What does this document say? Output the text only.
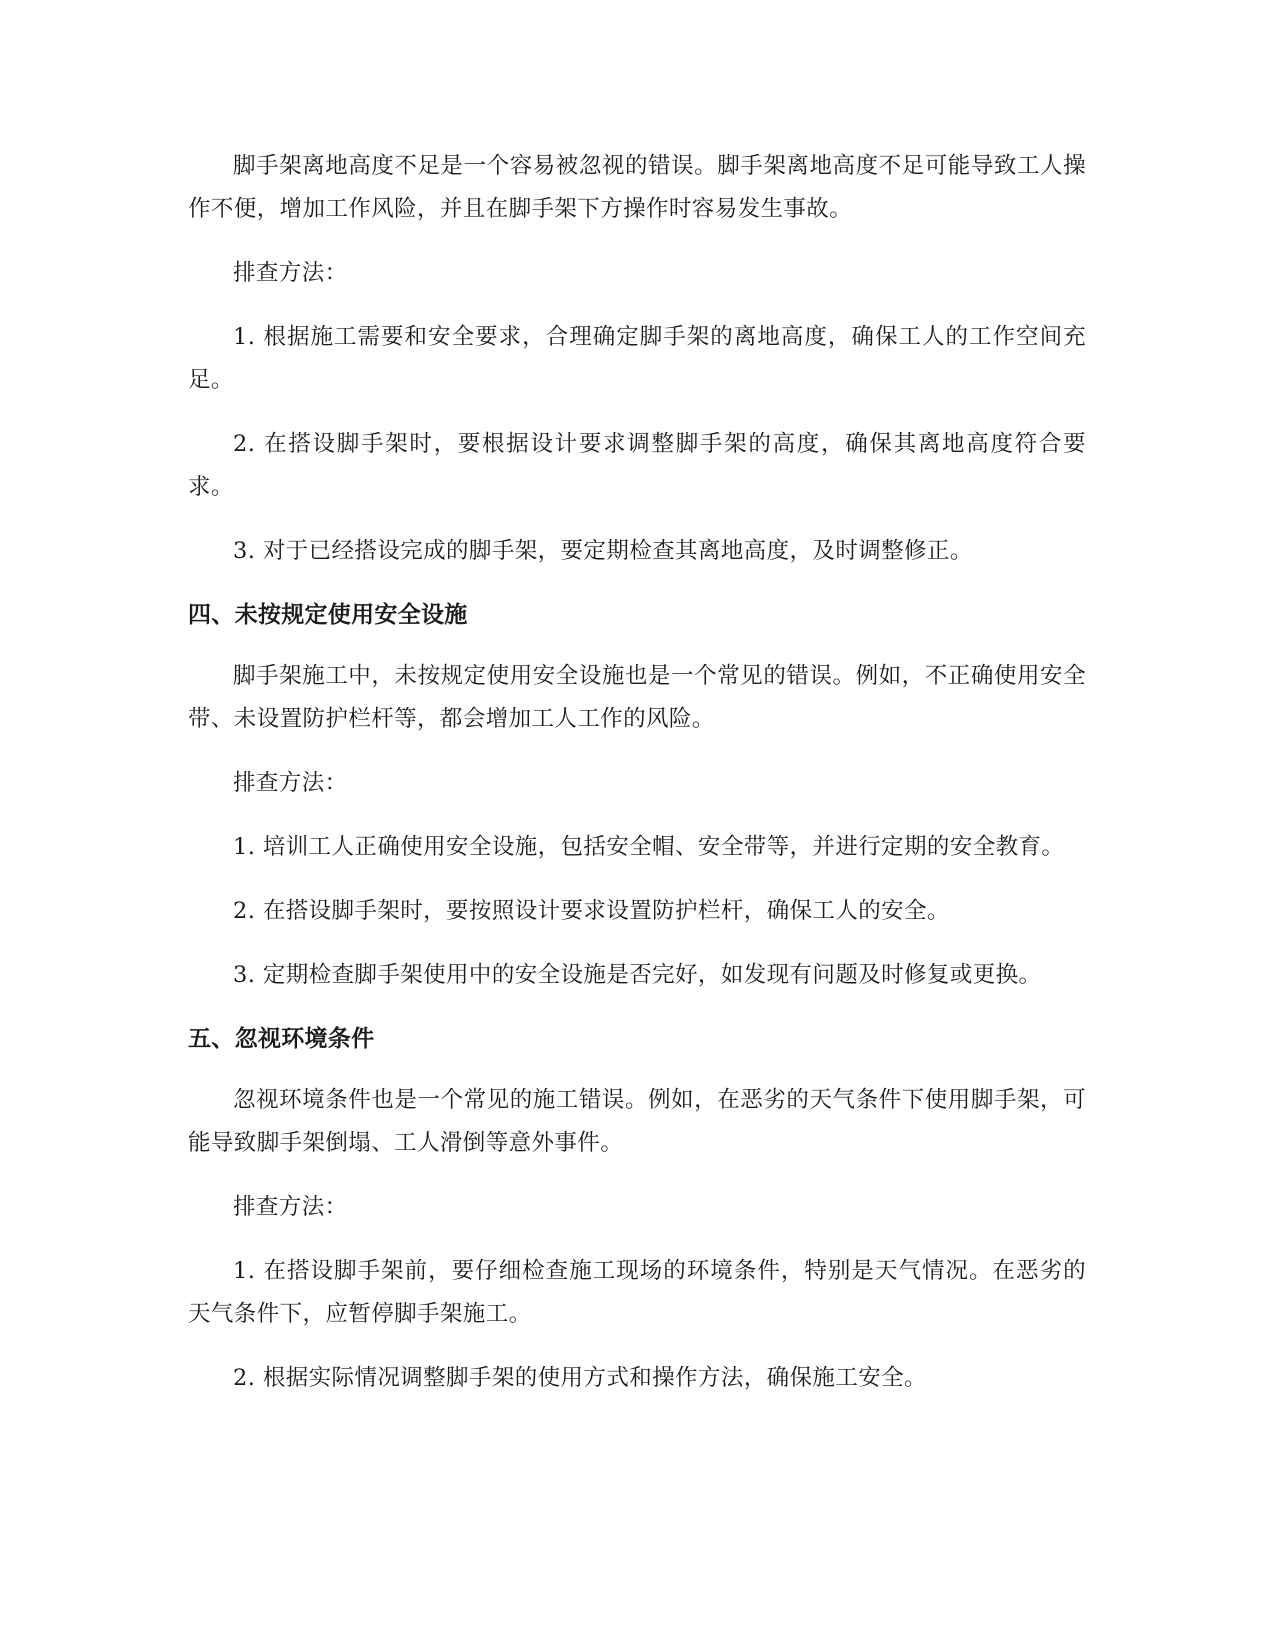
脚手架离地高度不足是一个容易被忽视的错误。脚手架离地高度不足可能导致工人操作不便，增加工作风险，并且在脚手架下方操作时容易发生事故。

排查方法：

1. 根据施工需要和安全要求，合理确定脚手架的离地高度，确保工人的工作空间充足。

2. 在搭设脚手架时，要根据设计要求调整脚手架的高度，确保其离地高度符合要求。

3. 对于已经搭设完成的脚手架，要定期检查其离地高度，及时调整修正。

四、未按规定使用安全设施

脚手架施工中，未按规定使用安全设施也是一个常见的错误。例如，不正确使用安全带、未设置防护栏杆等，都会增加工人工作的风险。

排查方法：

1. 培训工人正确使用安全设施，包括安全帽、安全带等，并进行定期的安全教育。

2. 在搭设脚手架时，要按照设计要求设置防护栏杆，确保工人的安全。

3. 定期检查脚手架使用中的安全设施是否完好，如发现有问题及时修复或更换。

五、忽视环境条件

忽视环境条件也是一个常见的施工错误。例如，在恶劣的天气条件下使用脚手架，可能导致脚手架倒塌、工人滑倒等意外事件。

排查方法：

1. 在搭设脚手架前，要仔细检查施工现场的环境条件，特别是天气情况。在恶劣的天气条件下，应暂停脚手架施工。

2. 根据实际情况调整脚手架的使用方式和操作方法，确保施工安全。
